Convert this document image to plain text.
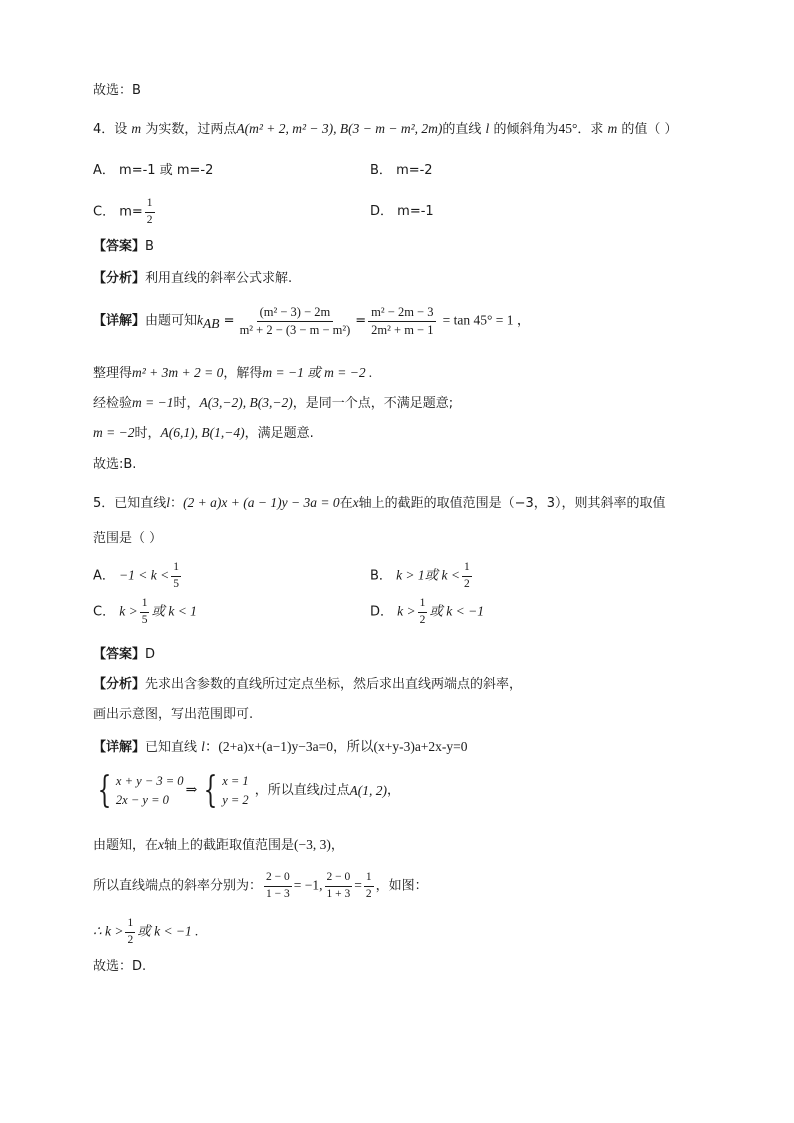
故选：B
4．设 m 为实数，过两点A(m² + 2, m² − 3), B(3 − m − m², 2m)的直线 l 的倾斜角为45°．求 m 的值（ ）
A． m=-1 或 m=-2	B． m=-2
C． $m= \frac{1}{2}$	D． m=-1
【答案】B
【分析】利用直线的斜率公式求解.
【详解】由题可知$k_{AB} = \frac{\text{(m² − 3) − 2m}}{\text{m² + 2 − (3 − m − m²)}} = \frac{\text{m² − 2m − 3}}{\text{2m² + m − 1}} = \tan 45^\circ = 1$ ，
整理得m² + 3m + 2 = 0，解得m = −1 或 m = −2 .
经检验m = −1时，A(3,−2), B(3,−2)，是同一个点，不满足题意;
m = −2时，A(6,1), B(1,−4)，满足题意.
故选:B.
5．已知直线l：(2 + a)x + (a − 1)y − 3a = 0在x轴上的截距的取值范围是（−3，3），则其斜率的取值
范围是（ ）
A． $-1 < k < \frac{1}{5}$	B． k > 1或 $k < \frac{1}{2}$
C． $k > \frac{1}{5}$ 或 k < 1	D． $k > \frac{1}{2}$ 或 k < −1
【答案】D
【分析】先求出含参数的直线所过定点坐标，然后求出直线两端点的斜率，
画出示意图，写出范围即可.
【详解】已知直线 l：(2+a)x+(a−1)y−3a=0，所以(x+y-3)a+2x-y=0
{ x + y − 3 = 0
2x − y = 0
⇒ { x = 1
y = 2
，所以直线 l 过点 A(1, 2) ，
由题知，在x轴上的截距取值范围是(−3, 3)，
所以直线端点的斜率分别为： $\frac{2 - 0}{1 - 3} = -1$, $\frac{2 - 0}{1 + 3} = \frac{1}{2}$ ，如图：
∴ $k > \frac{1}{2}$ 或 k < −1 .
故选：D.
